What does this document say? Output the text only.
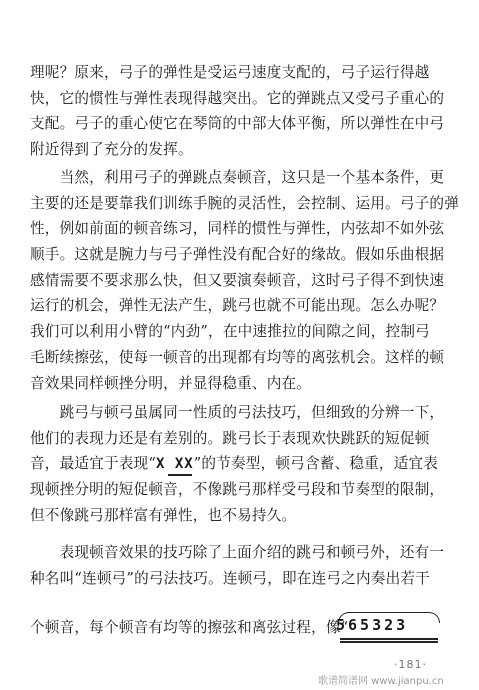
理呢？原来，弓子的弹性是受运弓速度支配的，弓子运行得越
快，它的惯性与弹性表现得越突出。它的弹跳点又受弓子重心的
支配。弓子的重心使它在琴筒的中部大体平衡，所以弹性在中弓
附近得到了充分的发挥。
　　当然，利用弓子的弹跳点奏顿音，这只是一个基本条件，更
主要的还是要靠我们训练手腕的灵活性，会控制、运用。弓子的弹
性，例如前面的顿音练习，同样的惯性与弹性，内弦却不如外弦
顺手。这就是腕力与弓子弹性没有配合好的缘故。假如乐曲根据
感情需要不要求那么快，但又要演奏顿音，这时弓子得不到快速
运行的机会，弹性无法产生，跳弓也就不可能出现。怎么办呢？
我们可以利用小臂的“内劲”，在中速推拉的间隙之间，控制弓
毛断续擦弦，使每一顿音的出现都有均等的离弦机会。这样的顿
音效果同样顿挫分明，并显得稳重、内在。
　　跳弓与顿弓虽属同一性质的弓法技巧，但细致的分辨一下，
他们的表现力还是有差别的。跳弓长于表现欢快跳跃的短促顿
音，最适宜于表现“X XX
”的节奏型，顿弓含蓄、稳重，适宜表
现顿挫分明的短促顿音，不像跳弓那样受弓段和节奏型的限制，
但不像跳弓那样富有弹性，也不易持久。
　　表现顿音效果的技巧除了上面介绍的跳弓和顿弓外，还有一
种名叫“连顿弓”的弓法技巧。连顿弓，即在连弓之内奏出若干
个顿音，每个顿音有均等的擦弦和离弦过程，像“
565323
·181·
歌谱简谱网 www.jianpu.cn
